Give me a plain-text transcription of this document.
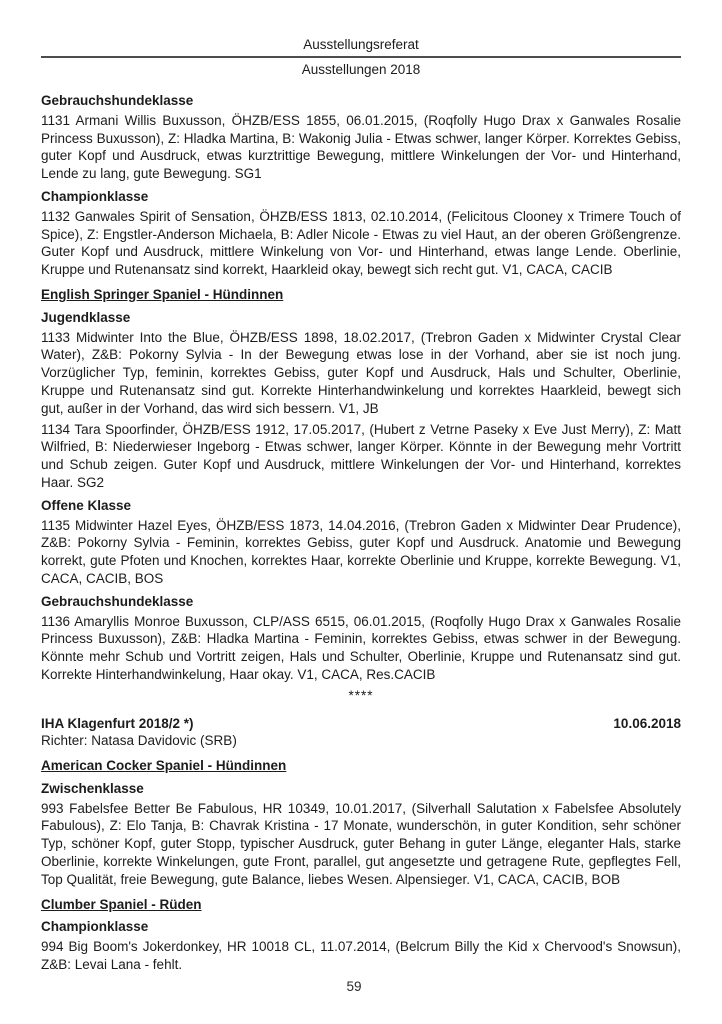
Ausstellungsreferat
Ausstellungen 2018

Gebrauchshundeklasse

1131 Armani Willis Buxusson, ÖHZB/ESS 1855, 06.01.2015, (Roqfolly Hugo Drax x Ganwales Rosalie Princess Buxusson), Z: Hladka Martina, B: Wakonig Julia - Etwas schwer, langer Körper. Korrektes Gebiss, guter Kopf und Ausdruck, etwas kurztrittige Bewegung, mittlere Winkelungen der Vor- und Hinterhand, Lende zu lang, gute Bewegung. SG1

Championklasse

1132 Ganwales Spirit of Sensation, ÖHZB/ESS 1813, 02.10.2014, (Felicitous Clooney x Trimere Touch of Spice), Z: Engstler-Anderson Michaela, B: Adler Nicole - Etwas zu viel Haut, an der oberen Größengrenze. Guter Kopf und Ausdruck, mittlere Winkelung von Vor- und Hinterhand, etwas lange Lende. Oberlinie, Kruppe und Rutenansatz sind korrekt, Haarkleid okay, bewegt sich recht gut. V1, CACA, CACIB

English Springer Spaniel - Hündinnen

Jugendklasse

1133 Midwinter Into the Blue, ÖHZB/ESS 1898, 18.02.2017, (Trebron Gaden x Midwinter Crystal Clear Water), Z&B: Pokorny Sylvia - In der Bewegung etwas lose in der Vorhand, aber sie ist noch jung. Vorzüglicher Typ, feminin, korrektes Gebiss, guter Kopf und Ausdruck, Hals und Schulter, Oberlinie, Kruppe und Rutenansatz sind gut. Korrekte Hinterhandwinkelung und korrektes Haarkleid, bewegt sich gut, außer in der Vorhand, das wird sich bessern. V1, JB

1134 Tara Spoorfinder, ÖHZB/ESS 1912, 17.05.2017, (Hubert z Vetrne Paseky x Eve Just Merry), Z: Matt Wilfried, B: Niederwieser Ingeborg - Etwas schwer, langer Körper. Könnte in der Bewegung mehr Vortritt und Schub zeigen. Guter Kopf und Ausdruck, mittlere Winkelungen der Vor- und Hinterhand, korrektes Haar. SG2

Offene Klasse

1135 Midwinter Hazel Eyes, ÖHZB/ESS 1873, 14.04.2016, (Trebron Gaden x Midwinter Dear Prudence), Z&B: Pokorny Sylvia - Feminin, korrektes Gebiss, guter Kopf und Ausdruck. Anatomie und Bewegung korrekt, gute Pfoten und Knochen, korrektes Haar, korrekte Oberlinie und Kruppe, korrekte Bewegung. V1, CACA, CACIB, BOS

Gebrauchshundeklasse

1136 Amaryllis Monroe Buxusson, CLP/ASS 6515, 06.01.2015, (Roqfolly Hugo Drax x Ganwales Rosalie Princess Buxusson), Z&B: Hladka Martina - Feminin, korrektes Gebiss, etwas schwer in der Bewegung. Könnte mehr Schub und Vortritt zeigen, Hals und Schulter, Oberlinie, Kruppe und Rutenansatz sind gut. Korrekte Hinterhandwinkelung, Haar okay. V1, CACA, Res.CACIB

****

IHA Klagenfurt 2018/2 *)	10.06.2018

Richter: Natasa Davidovic (SRB)

American Cocker Spaniel - Hündinnen

Zwischenklasse

993 Fabelsfee Better Be Fabulous, HR 10349, 10.01.2017, (Silverhall Salutation x Fabelsfee Absolutely Fabulous), Z: Elo Tanja, B: Chavrak Kristina - 17 Monate, wunderschön, in guter Kondition, sehr schöner Typ, schöner Kopf, guter Stopp, typischer Ausdruck, guter Behang in guter Länge, eleganter Hals, starke Oberlinie, korrekte Winkelungen, gute Front, parallel, gut angesetzte und getragene Rute, gepflegtes Fell, Top Qualität, freie Bewegung, gute Balance, liebes Wesen. Alpensieger. V1, CACA, CACIB, BOB

Clumber Spaniel - Rüden

Championklasse

994 Big Boom's Jokerdonkey, HR 10018 CL, 11.07.2014, (Belcrum Billy the Kid x Chervood's Snowsun), Z&B: Levai Lana - fehlt.

59
